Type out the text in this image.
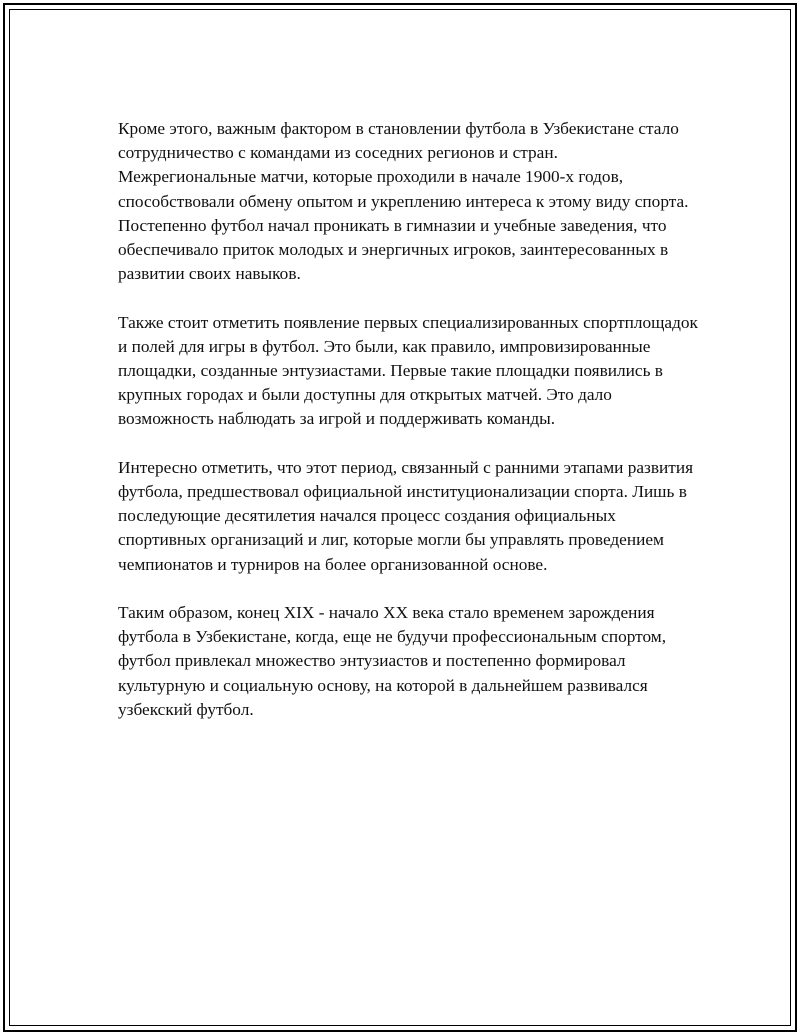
Кроме этого, важным фактором в становлении футбола в Узбекистане стало сотрудничество с командами из соседних регионов и стран. Межрегиональные матчи, которые проходили в начале 1900-х годов, способствовали обмену опытом и укреплению интереса к этому виду спорта. Постепенно футбол начал проникать в гимназии и учебные заведения, что обеспечивало приток молодых и энергичных игроков, заинтересованных в развитии своих навыков.

Также стоит отметить появление первых специализированных спортплощадок и полей для игры в футбол. Это были, как правило, импровизированные площадки, созданные энтузиастами. Первые такие площадки появились в крупных городах и были доступны для открытых матчей. Это дало возможность наблюдать за игрой и поддерживать команды.

Интересно отметить, что этот период, связанный с ранними этапами развития футбола, предшествовал официальной институционализации спорта. Лишь в последующие десятилетия начался процесс создания официальных спортивных организаций и лиг, которые могли бы управлять проведением чемпионатов и турниров на более организованной основе.

Таким образом, конец XIX - начало XX века стало временем зарождения футбола в Узбекистане, когда, еще не будучи профессиональным спортом, футбол привлекал множество энтузиастов и постепенно формировал культурную и социальную основу, на которой в дальнейшем развивался узбекский футбол.
